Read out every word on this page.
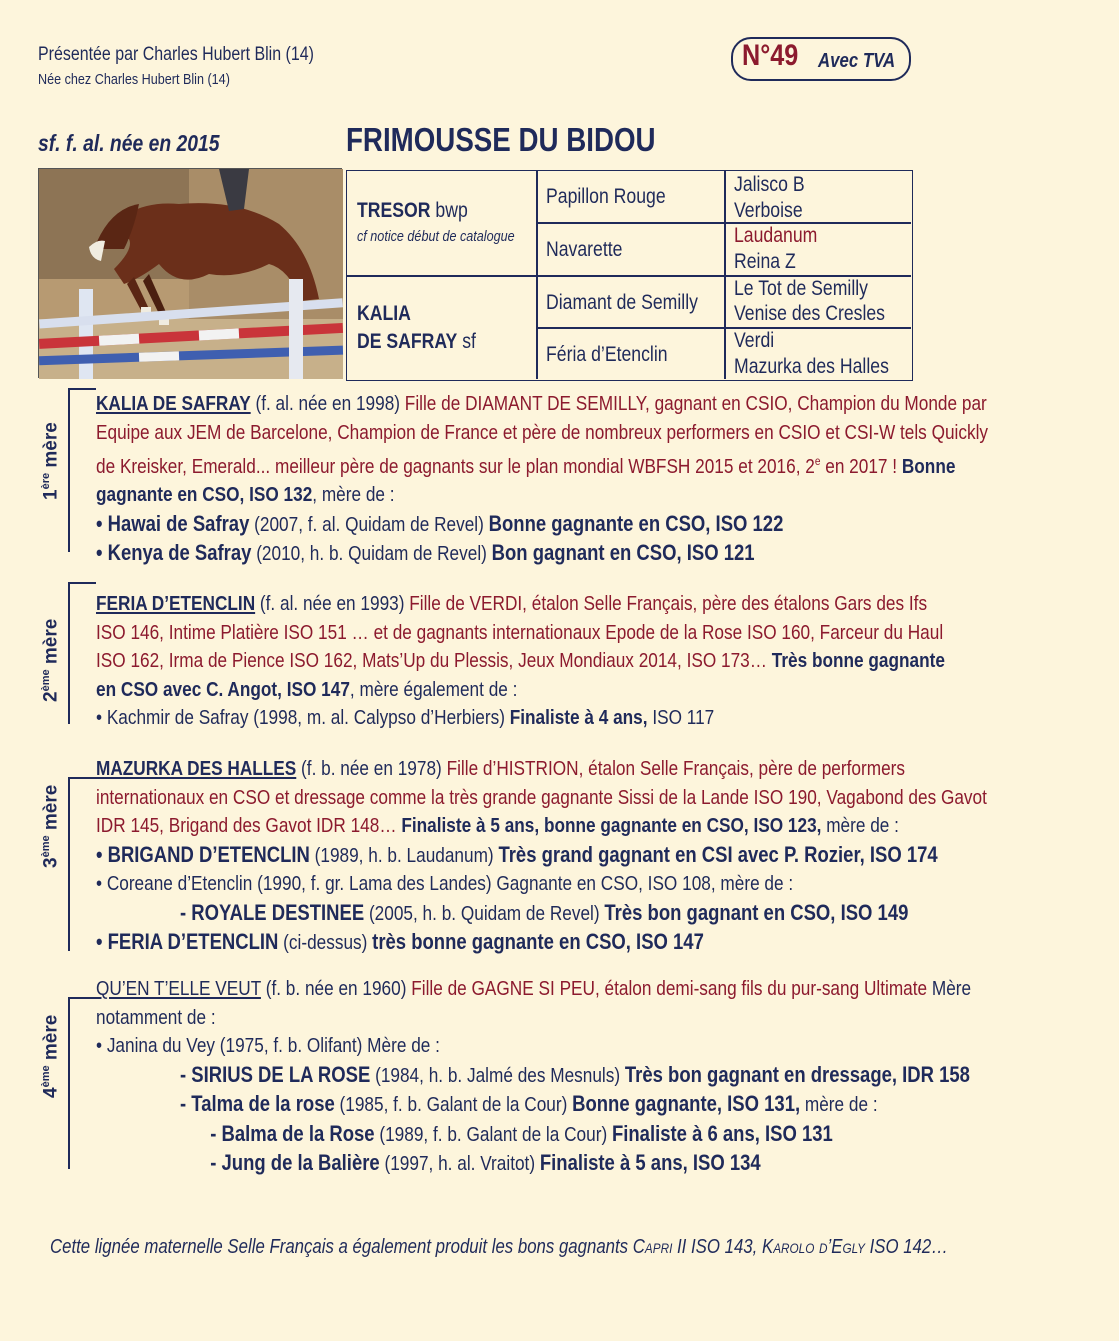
Présentée par Charles Hubert Blin (14)
Née chez Charles Hubert Blin (14)
N°49 Avec TVA
sf. f. al. née en 2015	FRIMOUSSE DU BIDOU
TRESOR bwp
cf notice début de catalogue
KALIA
DE SAFRAY sf
Papillon Rouge
Navarette
Diamant de Semilly
Féria d’Etenclin
Jalisco B
Verboise
Laudanum
Reina Z
Le Tot de Semilly
Venise des Cresles
Verdi
Mazurka des Halles
1ère mère
2ème mère
3ème mère
4ème mère
KALIA DE SAFRAY (f. al. née en 1998) Fille de DIAMANT DE SEMILLY, gagnant en CSIO, Champion du Monde par
Equipe aux JEM de Barcelone, Champion de France et père de nombreux performers en CSIO et CSI-W tels Quickly
de Kreisker, Emerald... meilleur père de gagnants sur le plan mondial WBFSH 2015 et 2016, 2e en 2017 ! Bonne
gagnante en CSO, ISO 132, mère de :
• Hawai de Safray (2007, f. al. Quidam de Revel) Bonne gagnante en CSO, ISO 122
• Kenya de Safray (2010, h. b. Quidam de Revel) Bon gagnant en CSO, ISO 121
FERIA D’ETENCLIN (f. al. née en 1993) Fille de VERDI, étalon Selle Français, père des étalons Gars des Ifs
ISO 146, Intime Platière ISO 151 … et de gagnants internationaux Epode de la Rose ISO 160, Farceur du Haul
ISO 162, Irma de Pience ISO 162, Mats’Up du Plessis, Jeux Mondiaux 2014, ISO 173… Très bonne gagnante
en CSO avec C. Angot, ISO 147, mère également de :
• Kachmir de Safray (1998, m. al. Calypso d’Herbiers) Finaliste à 4 ans, ISO 117
MAZURKA DES HALLES (f. b. née en 1978) Fille d’HISTRION, étalon Selle Français, père de performers
internationaux en CSO et dressage comme la très grande gagnante Sissi de la Lande ISO 190, Vagabond des Gavot
IDR 145, Brigand des Gavot IDR 148… Finaliste à 5 ans, bonne gagnante en CSO, ISO 123, mère de :
• BRIGAND D’ETENCLIN (1989, h. b. Laudanum) Très grand gagnant en CSI avec P. Rozier, ISO 174
• Coreane d’Etenclin (1990, f. gr. Lama des Landes) Gagnante en CSO, ISO 108, mère de :
- ROYALE DESTINEE (2005, h. b. Quidam de Revel) Très bon gagnant en CSO, ISO 149
• FERIA D’ETENCLIN (ci-dessus) très bonne gagnante en CSO, ISO 147
QU’EN T’ELLE VEUT (f. b. née en 1960) Fille de GAGNE SI PEU, étalon demi-sang fils du pur-sang Ultimate Mère
notamment de :
• Janina du Vey (1975, f. b. Olifant) Mère de :
- SIRIUS DE LA ROSE (1984, h. b. Jalmé des Mesnuls) Très bon gagnant en dressage, IDR 158
- Talma de la rose (1985, f. b. Galant de la Cour) Bonne gagnante, ISO 131, mère de :
- Balma de la Rose (1989, f. b. Galant de la Cour) Finaliste à 6 ans, ISO 131
- Jung de la Balière (1997, h. al. Vraitot) Finaliste à 5 ans, ISO 134
Cette lignée maternelle Selle Français a également produit les bons gagnants Capri II ISO 143, Karolo d’Egly ISO 142…
